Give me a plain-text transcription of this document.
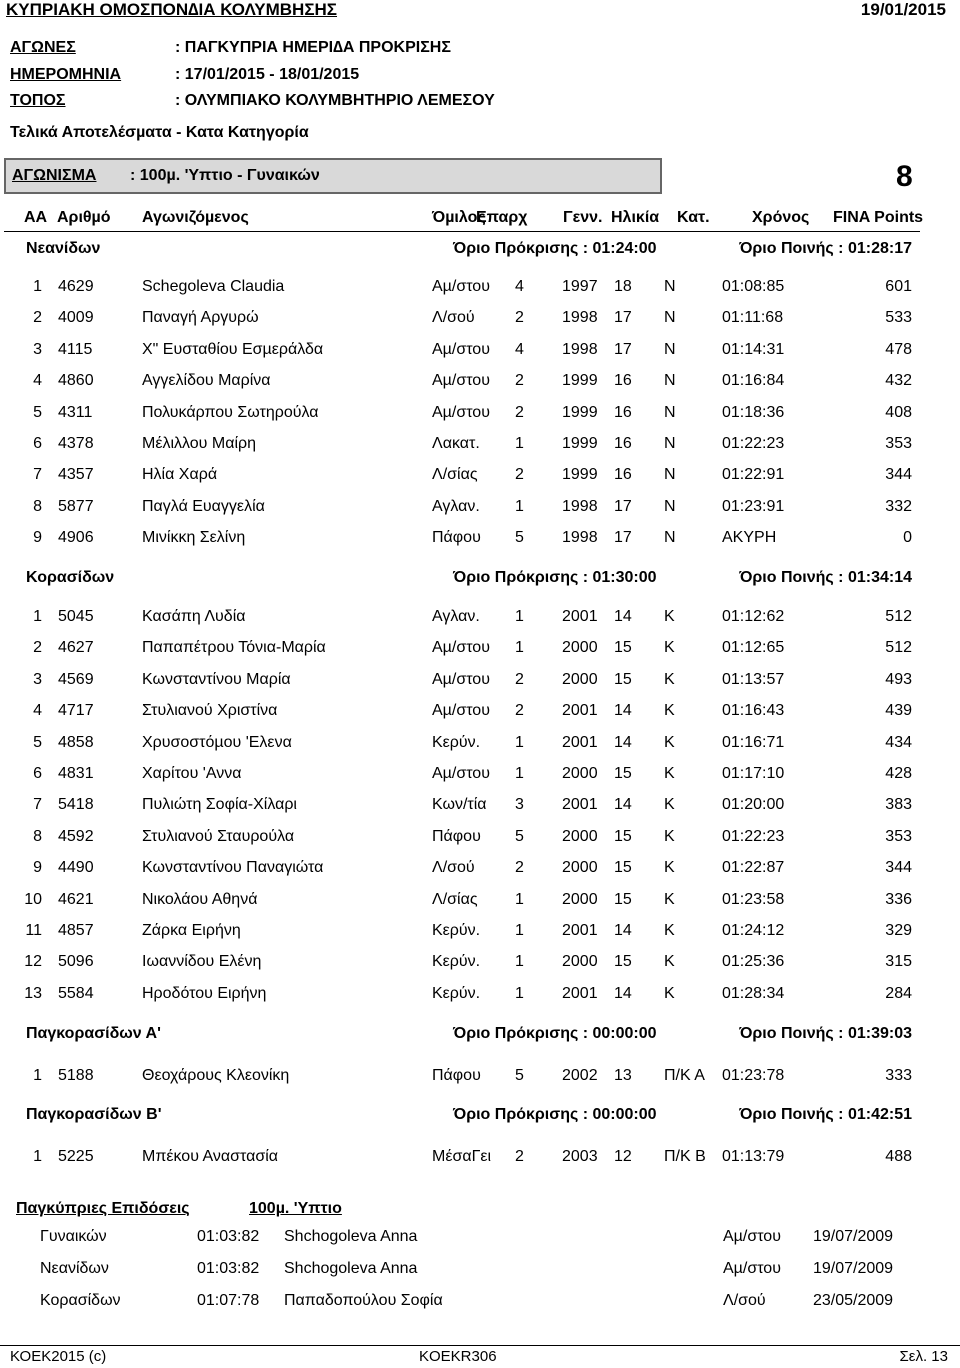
ΚΥΠΡΙΑΚΗ ΟΜΟΣΠΟΝ∆ΙΑ ΚΟΛΥΜΒΗΣΗΣ	19/01/2015
ΑΓΩΝΕΣ	: ΠΑΓΚΥΠΡΙΑ ΗΜΕΡΙ∆Α ΠΡΟΚΡΙΣΗΣ
ΗΜΕΡΟΜΗΝΙΑ	: 17/01/2015 - 18/01/2015
ΤΟΠΟΣ	: ΟΛΥΜΠΙΑΚΟ ΚΟΛΥΜΒΗΤΗΡΙΟ ΛΕΜΕΣΟΥ
Τελικά Αποτελέσµατα - Κατα Κατηγορία
ΑΓΩΝΙΣΜΑ : 100µ. 'Υπτιο - Γυναικών	8
ΑΑ Αριθµό Αγωνιζόµενος	Όµιλος
Επαρχ Γενν. Ηλικία Κατ.	Χρόνος FINA Points
Νεανίδων	Όριο Πρόκρισης : 01:24:00	Όριο Ποινής : 01:28:17
1 4629	Schegoleva Claudia	Αµ/στου 4 1997 18 Ν	01:08:85	601
2 4009	Παναγή Αργυρώ	Λ/σού	2 1998 17 Ν	01:11:68	533
3 4115	Χ" Ευσταθίου Εσµεράλδα	Αµ/στου 4 1998 17 Ν	01:14:31	478
4 4860	Αγγελίδου Μαρίνα	Αµ/στου 2 1999 16 Ν	01:16:84	432
5 4311	Πολυκάρπου Σωτηρούλα	Αµ/στου 2 1999 16 Ν	01:18:36	408
6 4378	Μέλιλλου Μαίρη	Λακατ. 1 1999 16 Ν	01:22:23	353
7 4357	Ηλία Χαρά	Λ/σίας 2 1999 16 Ν	01:22:91	344
8 5877	Παγλά Ευαγγελία	Αγλαν. 1 1998 17 Ν	01:23:91	332
9 4906	Μινίκκη Σελίνη	Πάφου 5 1998 17 Ν	ΑΚΥΡΗ	0
Κορασίδων	Όριο Πρόκρισης : 01:30:00	Όριο Ποινής : 01:34:14
1 5045	Κασάπη Λυδία	Αγλαν. 1 2001 14 Κ	01:12:62	512
2 4627	Παπαπέτρου Τόνια-Μαρία	Αµ/στου 1 2000 15 Κ	01:12:65	512
3 4569	Κωνσταντίνου Μαρία	Αµ/στου 2 2000 15 Κ	01:13:57	493
4 4717	Στυλιανού Χριστίνα	Αµ/στου 2 2001 14 Κ	01:16:43	439
5 4858	Χρυσοστόµου 'Ελενα	Κερύν. 1 2001 14 Κ	01:16:71	434
6 4831	Χαρίτου 'Αννα	Αµ/στου 1 2000 15 Κ	01:17:10	428
7 5418	Πυλιώτη Σοφία-Χίλαρι	Κων/τία 3 2001 14 Κ	01:20:00	383
8 4592	Στυλιανού Σταυρούλα	Πάφου 5 2000 15 Κ	01:22:23	353
9 4490	Κωνσταντίνου Παναγιώτα	Λ/σού	2 2000 15 Κ	01:22:87	344
10 4621	Νικολάου Αθηνά	Λ/σίας 1 2000 15 Κ	01:23:58	336
11 4857	Ζάρκα Ειρήνη	Κερύν. 1 2001 14 Κ	01:24:12	329
12 5096	Ιωαννίδου Ελένη	Κερύν. 1 2000 15 Κ	01:25:36	315
13 5584	Ηροδότου Ειρήνη	Κερύν. 1 2001 14 Κ	01:28:34	284
Παγκορασίδων Α'	Όριο Πρόκρισης : 00:00:00	Όριο Ποινής : 01:39:03
1 5188	Θεοχάρους Κλεονίκη	Πάφου 5 2002 13 Π/Κ Α 01:23:78	333
Παγκορασίδων Β'	Όριο Πρόκρισης : 00:00:00	Όριο Ποινής : 01:42:51
1 5225	Μπέκου Αναστασία	ΜέσαΓει 2 2003 12 Π/Κ Β 01:13:79	488
Παγκύπριες Επιδόσεις	100µ. 'Υπτιο
Γυναικών	01:03:82 Shchogoleva Anna	Αµ/στου 19/07/2009
Νεανίδων	01:03:82 Shchogoleva Anna	Αµ/στου 19/07/2009
Κορασίδων	01:07:78 Παπαδοπούλου Σοφία	Λ/σού	23/05/2009
ΚΟΕΚ2015 (c)	KOEKR306	Σελ. 13
